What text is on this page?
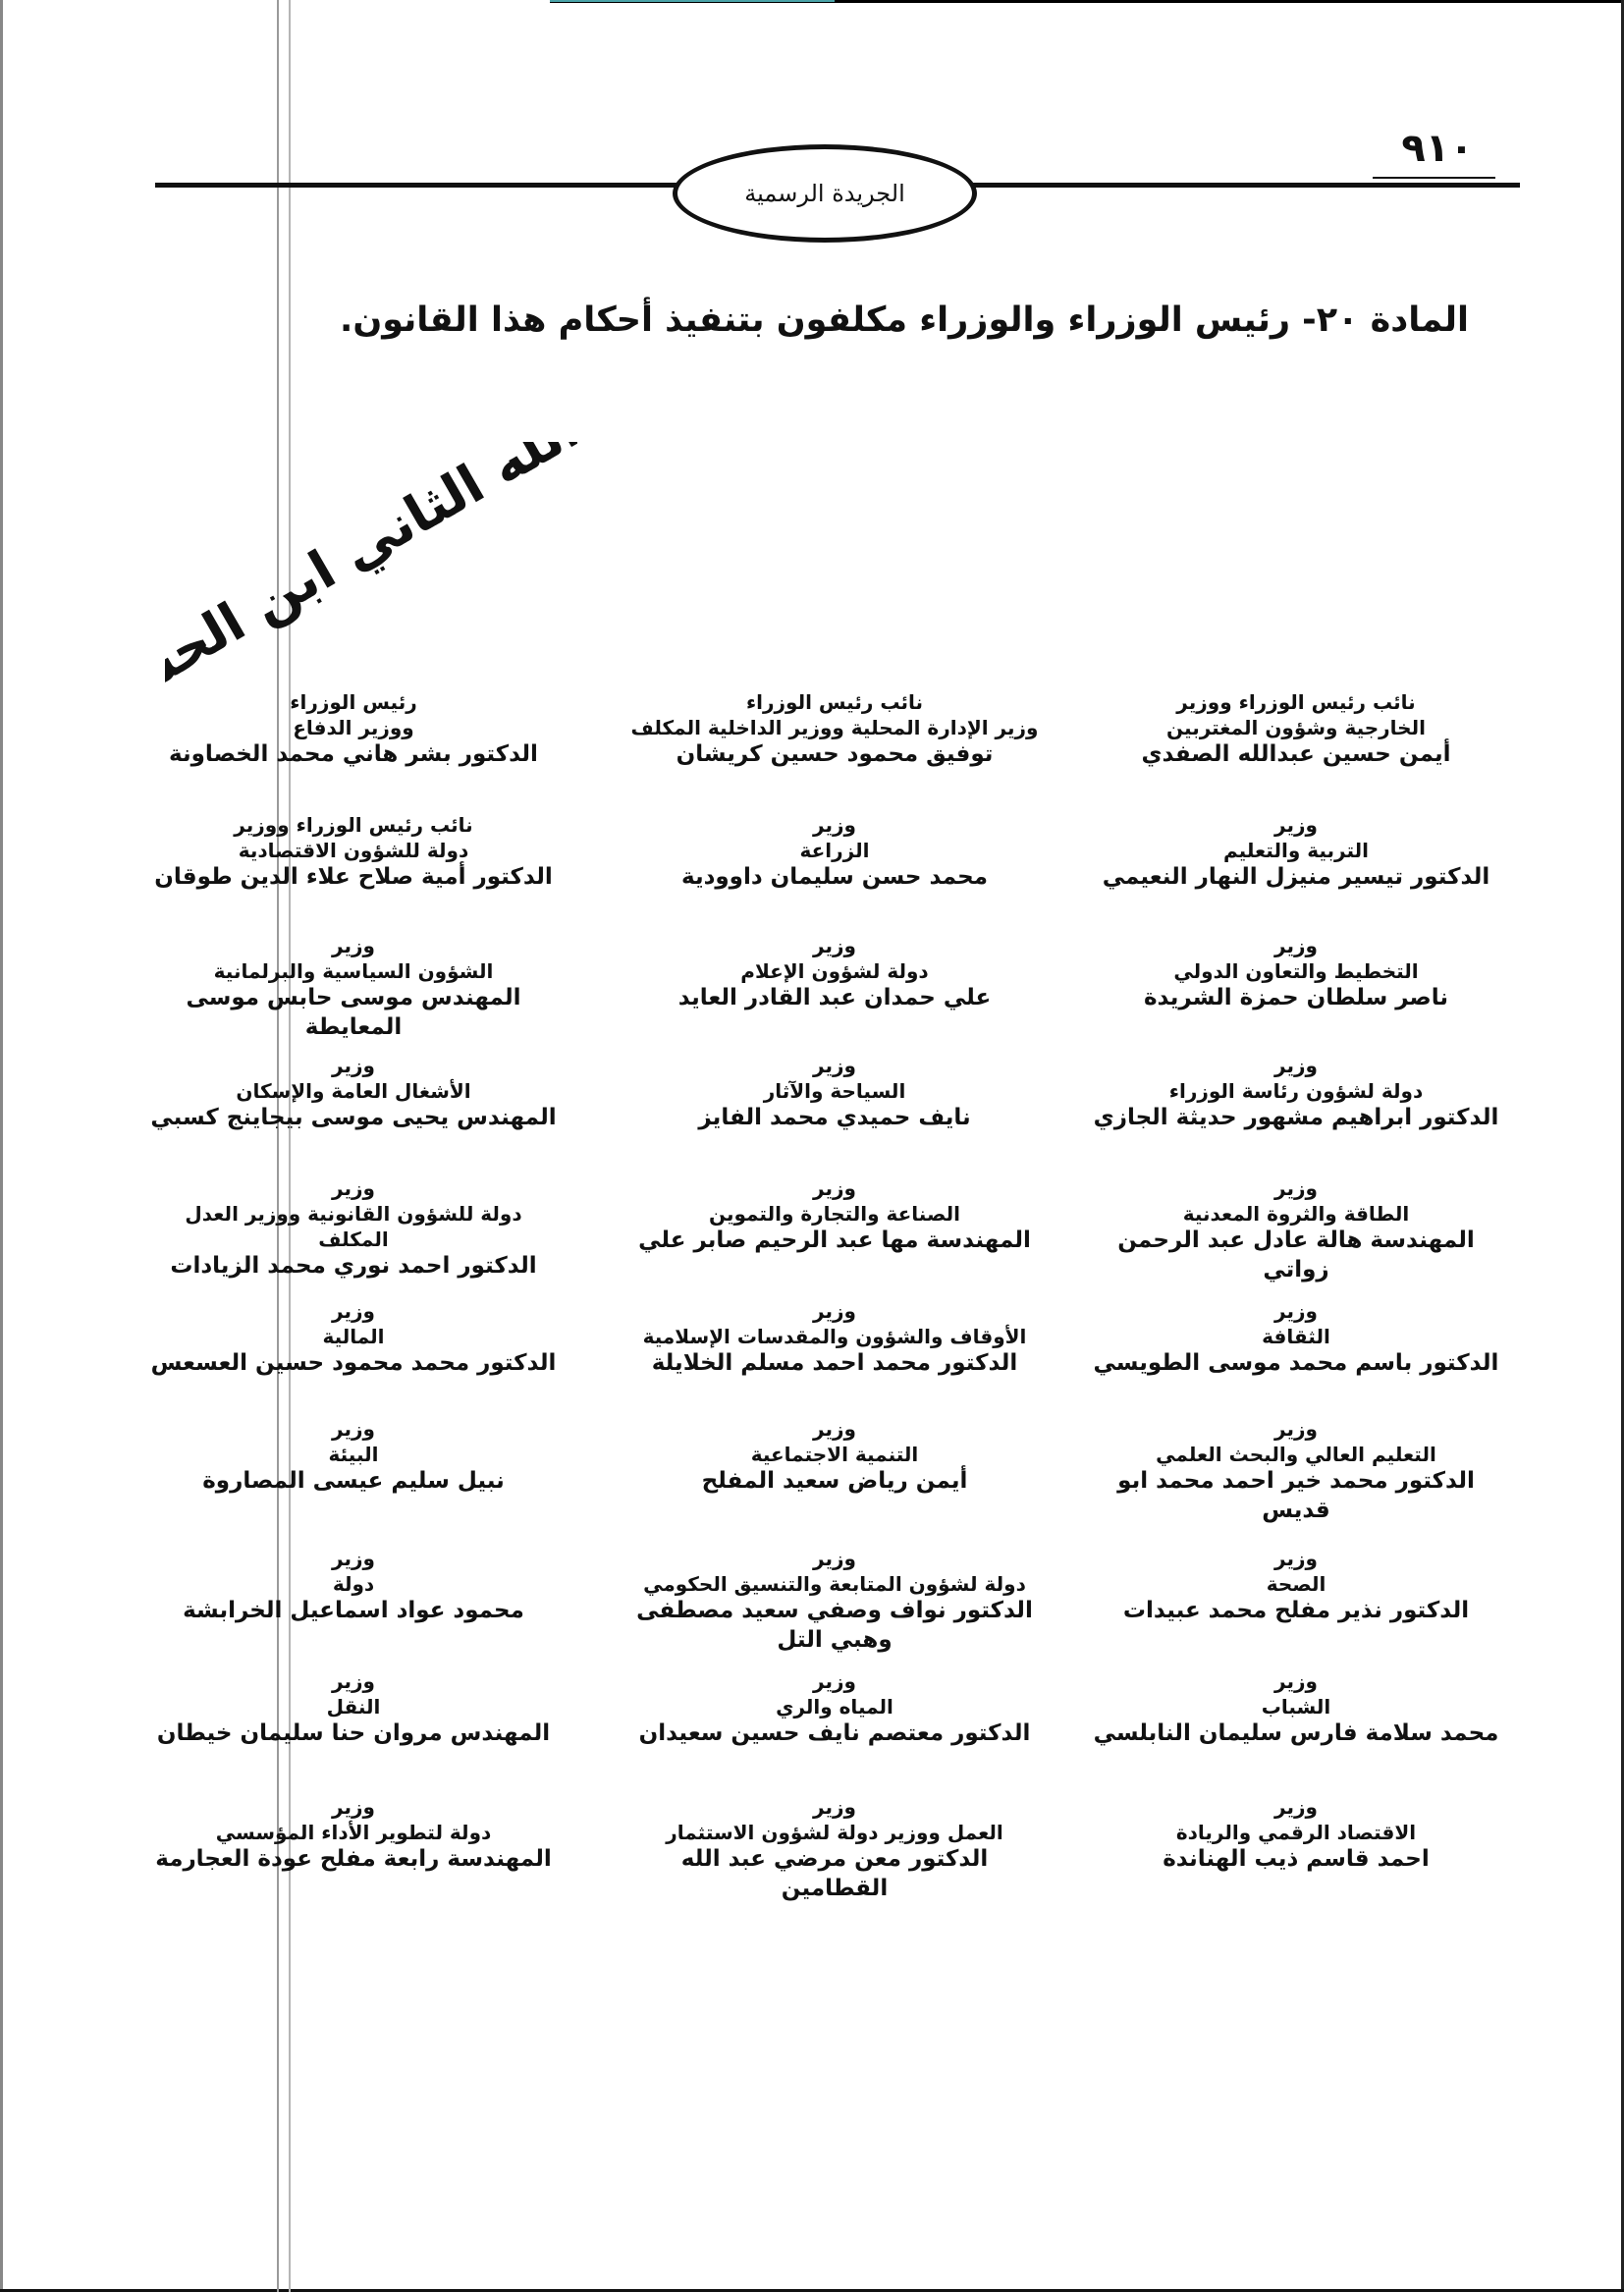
الجريدة الرسمية
٩١٠
المادة ٢٠- رئيس الوزراء والوزراء مكلفون بتنفيذ أحكام هذا القانون.
الله الثاني ابن الحسين	نائب رئيس الوزراء ووزير
الخارجية وشؤون المغتربين
أيمن حسين عبدالله الصفدي
نائب رئيس الوزراء
وزير الإدارة المحلية ووزير الداخلية المكلف
توفيق محمود حسين كريشان
رئيس الوزراء
ووزير الدفاع
الدكتور بشر هاني محمد الخصاونة
وزير
التربية والتعليم
الدكتور تيسير منيزل النهار النعيمي
وزير
الزراعة
محمد حسن سليمان داوودية
نائب رئيس الوزراء ووزير
دولة للشؤون الاقتصادية
الدكتور أمية صلاح علاء الدين طوقان
وزير
التخطيط والتعاون الدولي
ناصر سلطان حمزة الشريدة
وزير
دولة لشؤون الإعلام
علي حمدان عبد القادر العايد
وزير
الشؤون السياسية والبرلمانية
المهندس موسى حابس موسى المعايطة
وزير
دولة لشؤون رئاسة الوزراء
الدكتور ابراهيم مشهور حديثة الجازي
وزير
السياحة والآثار
نايف حميدي محمد الفايز
وزير
الأشغال العامة والإسكان
المهندس يحيى موسى بيجاينج كسبي
وزير
الطاقة والثروة المعدنية
المهندسة هالة عادل عبد الرحمن زواتي
وزير
الصناعة والتجارة والتموين
المهندسة مها عبد الرحيم صابر علي
وزير
دولة للشؤون القانونية ووزير العدل المكلف
الدكتور احمد نوري محمد الزيادات
وزير
الثقافة
الدكتور باسم محمد موسى الطويسي
وزير
الأوقاف والشؤون والمقدسات الإسلامية
الدكتور محمد احمد مسلم الخلايلة
وزير
المالية
الدكتور محمد محمود حسين العسعس
وزير
التعليم العالي والبحث العلمي
الدكتور محمد خير احمد محمد ابو قديس
وزير
التنمية الاجتماعية
أيمن رياض سعيد المفلح
وزير
البيئة
نبيل سليم عيسى المصاروة
وزير
الصحة
الدكتور نذير مفلح محمد عبيدات
وزير
دولة لشؤون المتابعة والتنسيق الحكومي
الدكتور نواف وصفي سعيد مصطفى وهبي التل
وزير
دولة
محمود عواد اسماعيل الخرابشة
وزير
الشباب
محمد سلامة فارس سليمان النابلسي
وزير
المياه والري
الدكتور معتصم نايف حسين سعيدان
وزير
النقل
المهندس مروان حنا سليمان خيطان
وزير
الاقتصاد الرقمي والريادة
احمد قاسم ذيب الهناندة
وزير
العمل ووزير دولة لشؤون الاستثمار
الدكتور معن مرضي عبد الله القطامين
وزير
دولة لتطوير الأداء المؤسسي
المهندسة رابعة مفلح عودة العجارمة
